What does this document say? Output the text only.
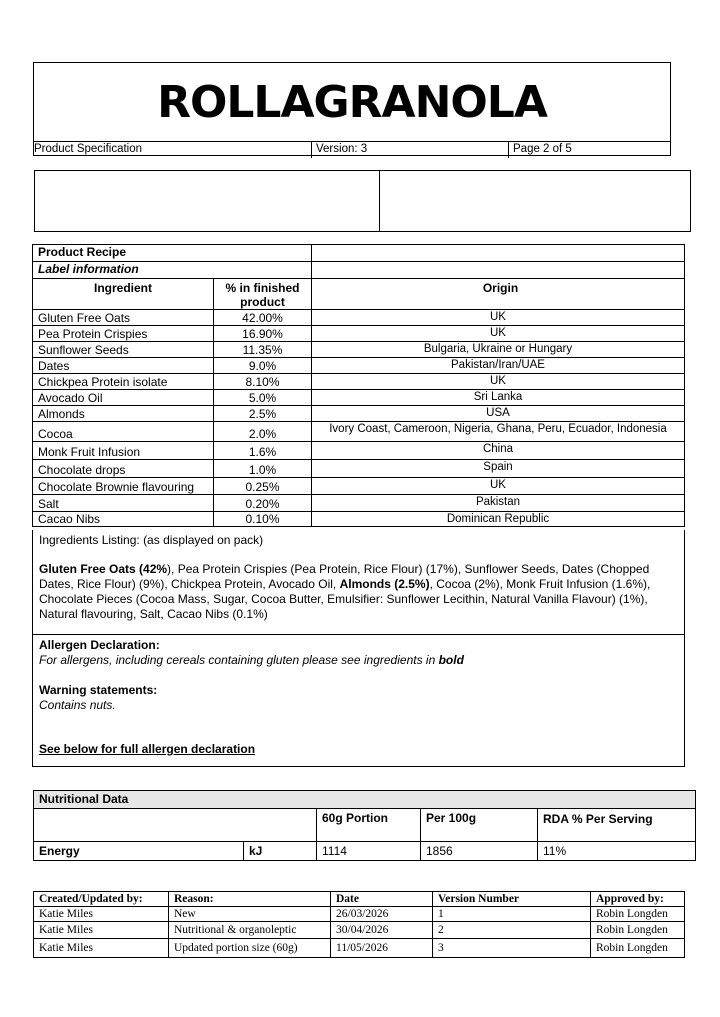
ROLLAGRANOLA
Product Specification	Version: 3	Page 2 of 5
Product Recipe		
Label information		
Ingredient	% in finished product	Origin
Gluten Free Oats	42.00%	UK
Pea Protein Crispies	16.90%	UK
Sunflower Seeds	11.35%	Bulgaria, Ukraine or Hungary
Dates	9.0%	Pakistan/Iran/UAE
Chickpea Protein isolate	8.10%	UK
Avocado Oil	5.0%	Sri Lanka
Almonds	2.5%	USA
Cocoa	2.0%	Ivory Coast, Cameroon, Nigeria, Ghana, Peru, Ecuador, Indonesia
Monk Fruit Infusion	1.6%	China
Chocolate drops	1.0%	Spain
Chocolate Brownie flavouring	0.25%	UK
Salt	0.20%	Pakistan
Cacao Nibs	0.10%	Dominican Republic
Ingredients Listing: (as displayed on pack)
Gluten Free Oats (42%), Pea Protein Crispies (Pea Protein, Rice Flour) (17%), Sunflower Seeds, Dates (Chopped Dates, Rice Flour) (9%), Chickpea Protein, Avocado Oil, Almonds (2.5%), Cocoa (2%), Monk Fruit Infusion (1.6%), Chocolate Pieces (Cocoa Mass, Sugar, Cocoa Butter, Emulsifier: Sunflower Lecithin, Natural Vanilla Flavour) (1%), Natural flavouring, Salt, Cacao Nibs (0.1%)
Allergen Declaration:
For allergens, including cereals containing gluten please see ingredients in bold
Warning statements:
Contains nuts.
See below for full allergen declaration
Nutritional Data				
		60g Portion	Per 100g	RDA % Per Serving
Energy	kJ	1114	1856	11%
Created/Updated by:	Reason:	Date	Version Number	Approved by:
Katie Miles	New	26/03/2026	1	Robin Longden
Katie Miles	Nutritional & organoleptic	30/04/2026	2	Robin Longden
Katie Miles	Updated portion size (60g)	11/05/2026	3	Robin Longden
